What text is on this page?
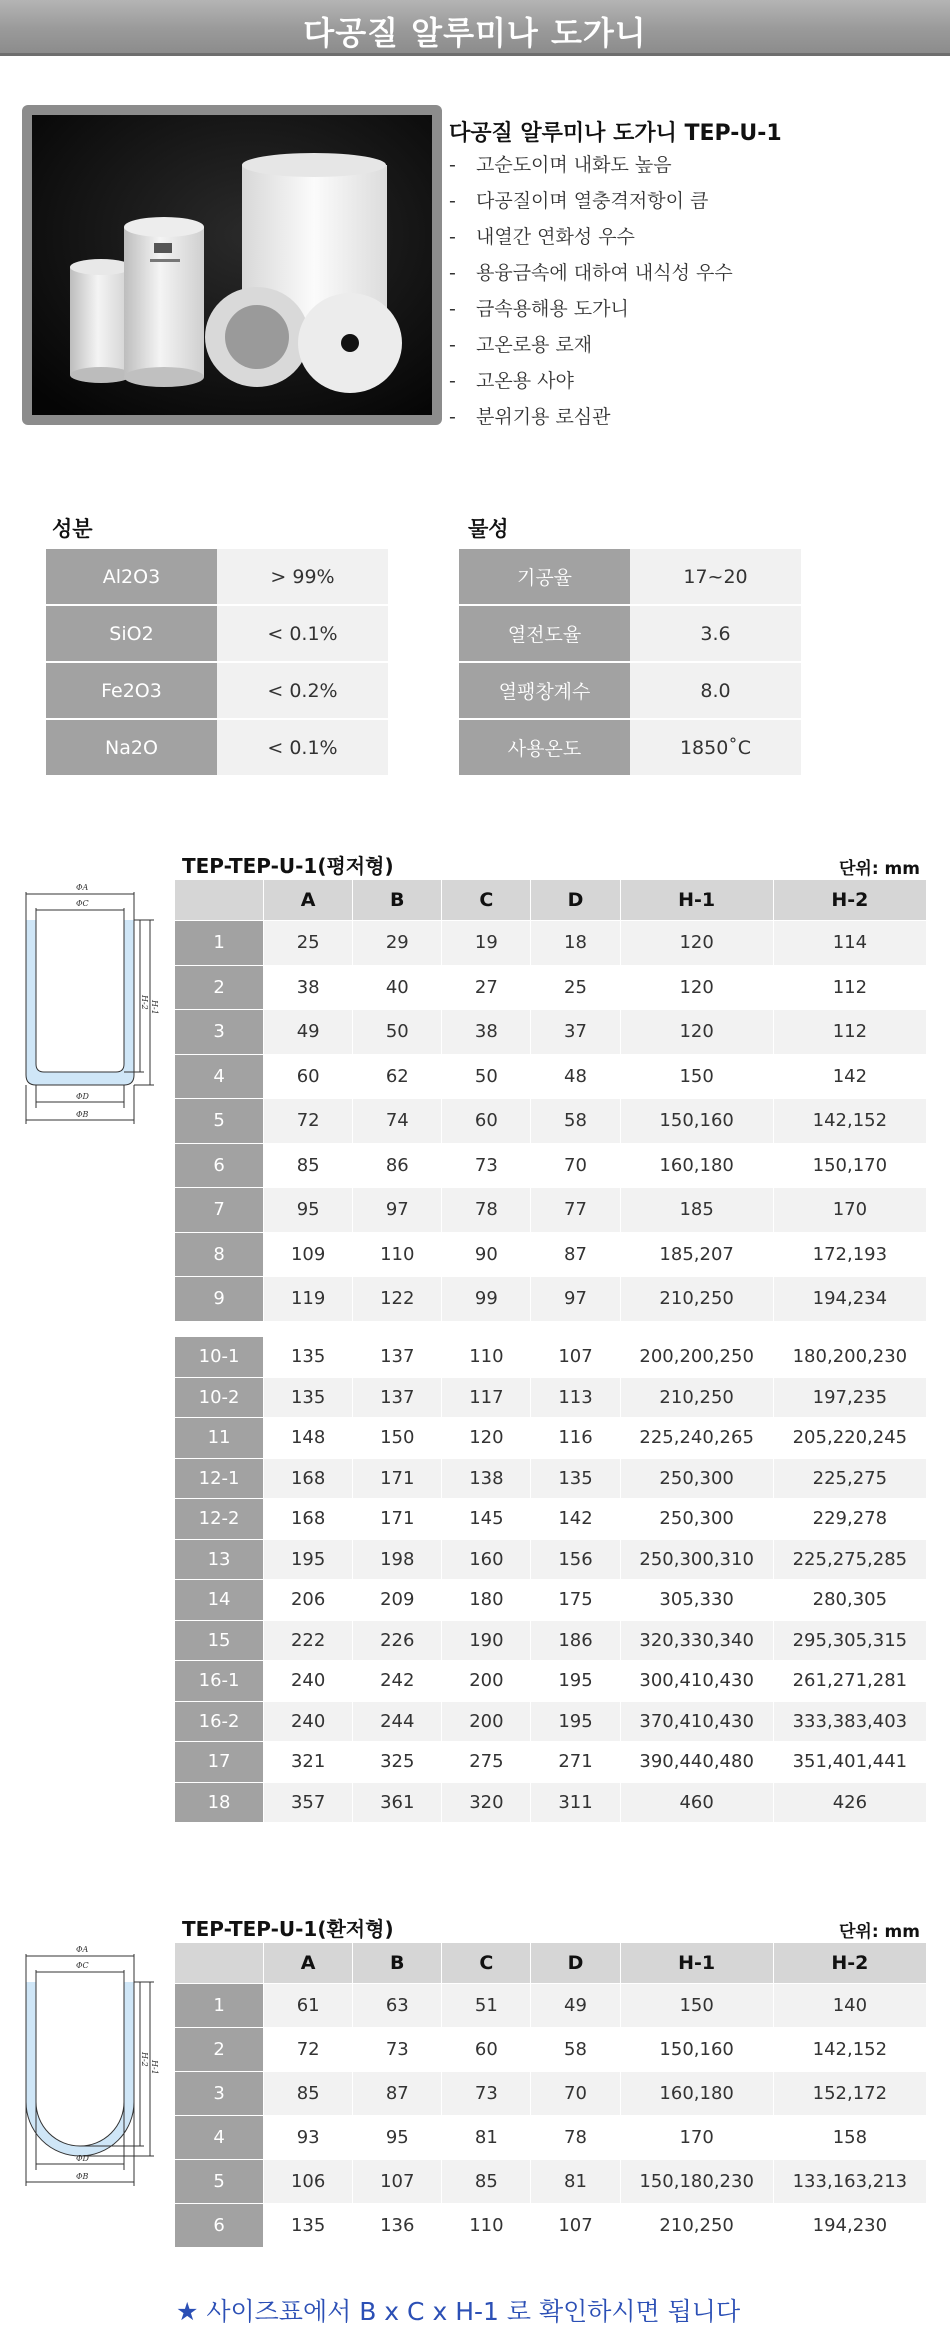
다공질 알루미나 도가니
다공질 알루미나 도가니 TEP-U-1
- 고순도이며 내화도 높음
- 다공질이며 열충격저항이 큼
- 내열간 연화성 우수
- 용융금속에 대하여 내식성 우수
- 금속용해용 도가니
- 고온로용 로재
- 고온용 사야
- 분위기용 로심관
성분
Al2O3	> 99%
SiO2	< 0.1%
Fe2O3	< 0.2%
Na2O	< 0.1%
물성
기공율	17~20
열전도율	3.6
열팽창계수	8.0
사용온도	1850˚C
ΦA
ΦC
ΦD
ΦB
H-2 H-1
TEP-TEP-U-1(평저형)	단위: mm
	A	B	C	D	H-1	H-2
1	25	29	19	18	120	114
2	38	40	27	25	120	112
3	49	50	38	37	120	112
4	60	62	50	48	150	142
5	72	74	60	58	150,160	142,152
6	85	86	73	70	160,180	150,170
7	95	97	78	77	185	170
8	109	110	90	87	185,207	172,193
9	119	122	99	97	210,250	194,234
10-1	135	137	110	107	200,200,250	180,200,230
10-2	135	137	117	113	210,250	197,235
11	148	150	120	116	225,240,265	205,220,245
12-1	168	171	138	135	250,300	225,275
12-2	168	171	145	142	250,300	229,278
13	195	198	160	156	250,300,310	225,275,285
14	206	209	180	175	305,330	280,305
15	222	226	190	186	320,330,340	295,305,315
16-1	240	242	200	195	300,410,430	261,271,281
16-2	240	244	200	195	370,410,430	333,383,403
17	321	325	275	271	390,440,480	351,401,441
18	357	361	320	311	460	426
ΦA
ΦC
ΦD
ΦB
H-2
H-1
TEP-TEP-U-1(환저형)	단위: mm
	A	B	C	D	H-1	H-2
1	61	63	51	49	150	140
2	72	73	60	58	150,160	142,152
3	85	87	73	70	160,180	152,172
4	93	95	81	78	170	158
5	106	107	85	81	150,180,230	133,163,213
6	135	136	110	107	210,250	194,230
★ 사이즈표에서 B x C x H-1 로 확인하시면 됩니다
